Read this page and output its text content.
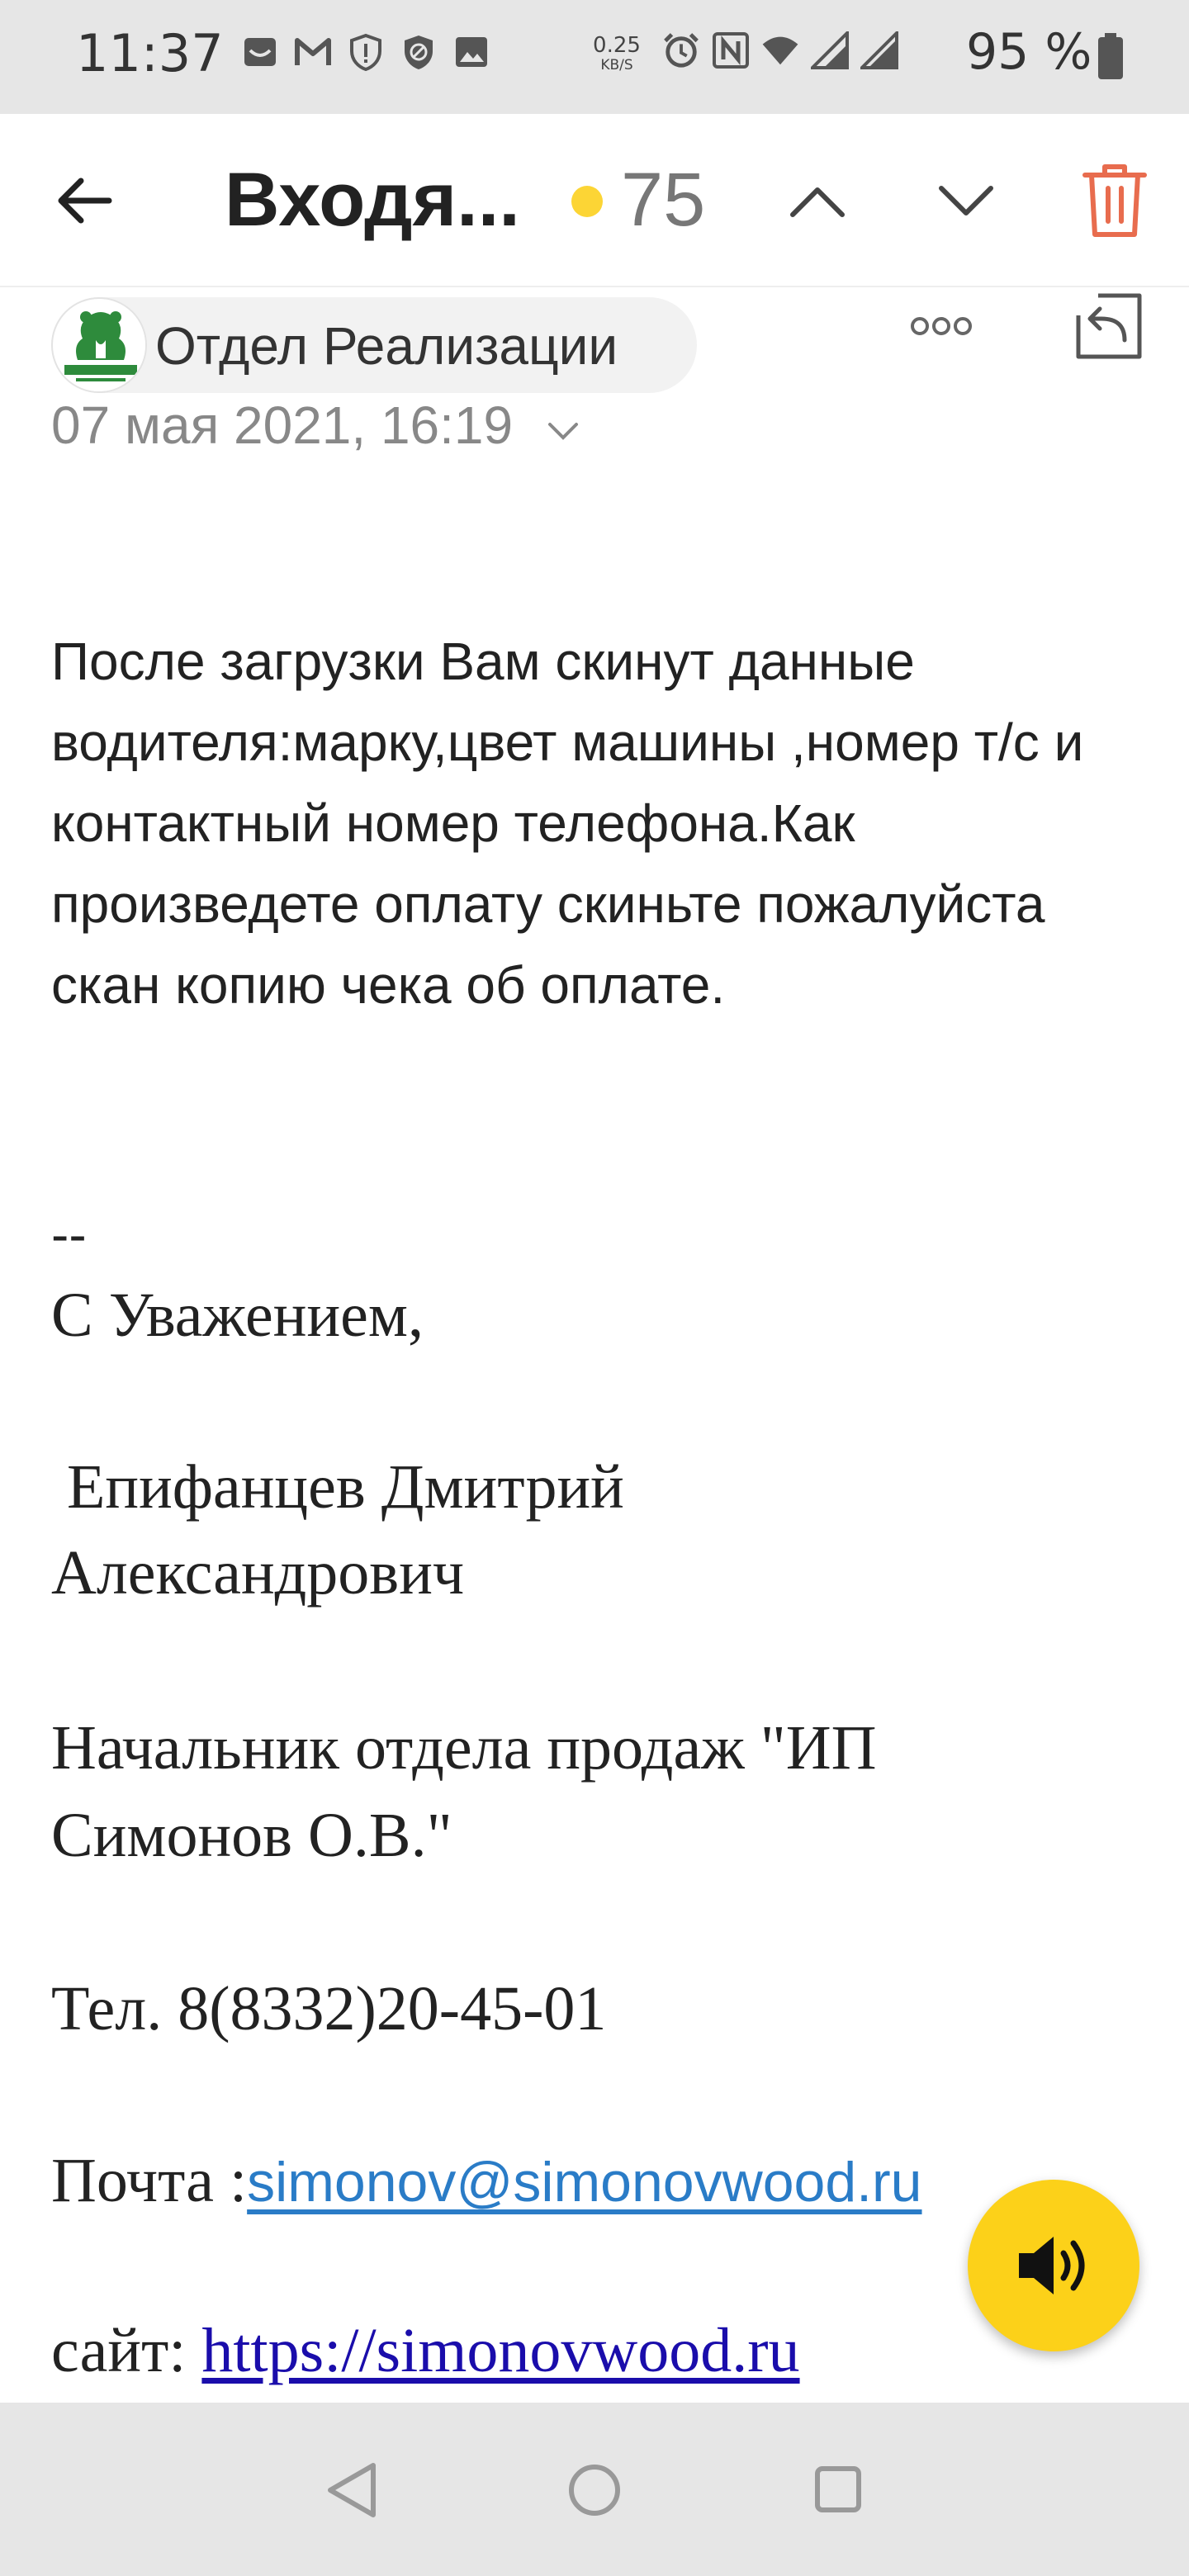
11:37	0.25
KB/S	95 %
Входя... 75
Отдел Реализации
07 мая 2021, 16:19
После загрузки Вам скинут данные водителя:марку,цвет машины ,номер т/с и контактный номер телефона.Как произведете оплату скиньте пожалуйста скан копию чека об оплате.
--
С Уважением,
Епифанцев Дмитрий
Александрович
Начальник отдела продаж "ИП
Симонов О.В."
Тел. 8(8332)20-45-01
Почта :simonov@simonovwood.ru
сайт: https://simonovwood.ru
